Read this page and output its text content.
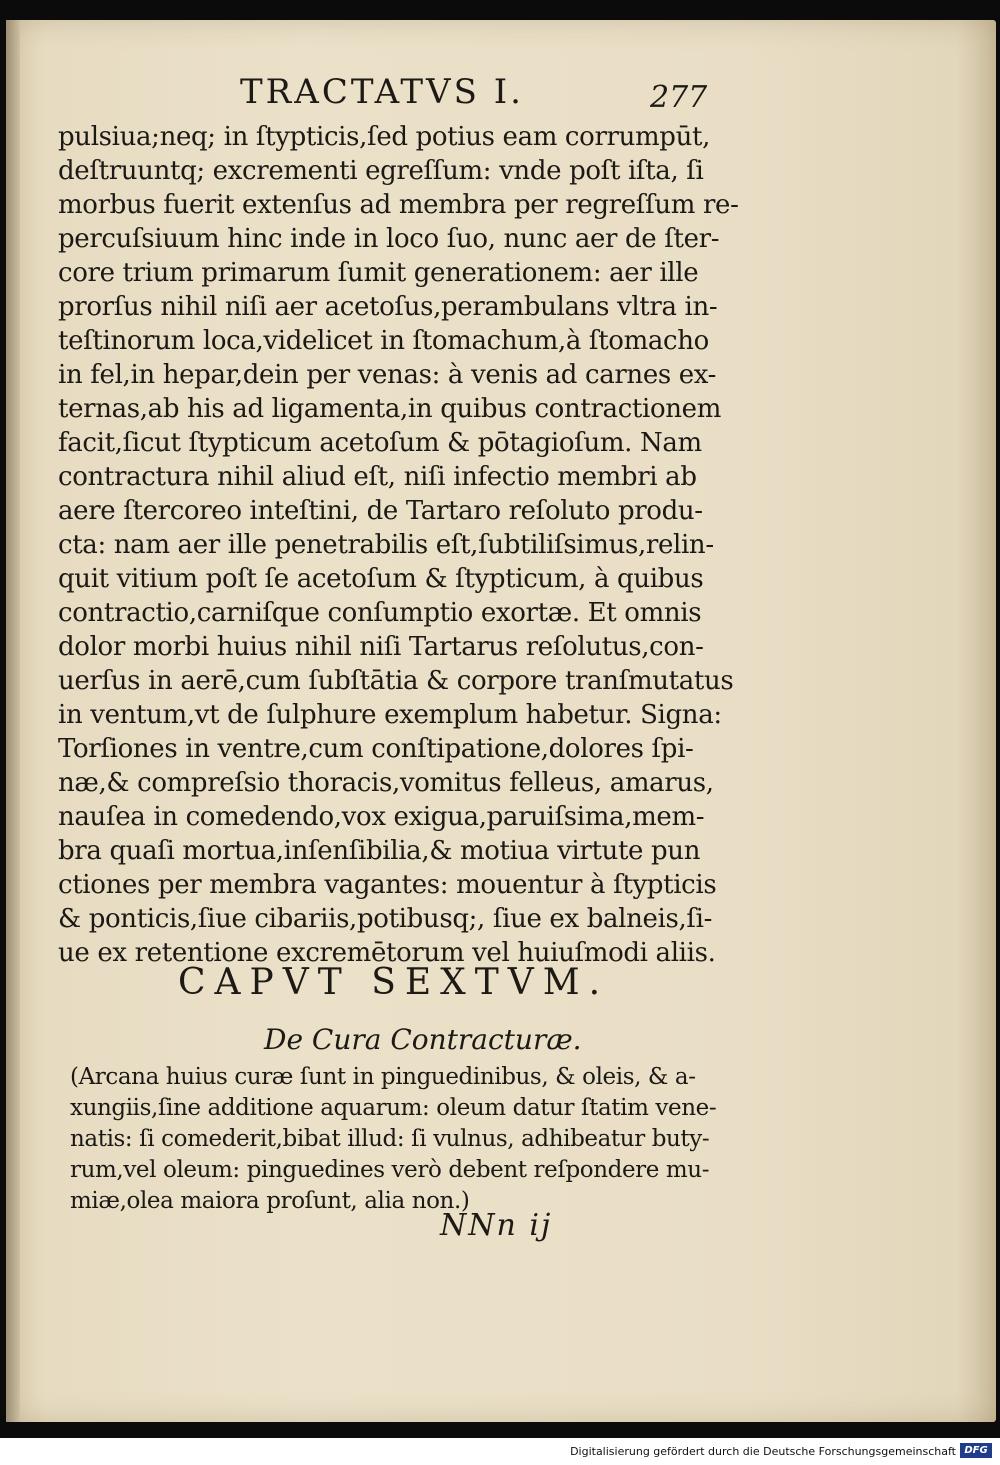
TRACTATVS I.	277
pulsiua;neq; in ſtypticis,ſed potius eam corrumpūt,
deſtruuntq; excrementi egreſſum: vnde poſt iſta, ſi
morbus fuerit extenſus ad membra per regreſſum re-
percuſsiuum hinc inde in loco ſuo, nunc aer de ſter-
core trium primarum ſumit generationem: aer ille
prorſus nihil niſi aer acetoſus,perambulans vltra in-
teſtinorum loca,videlicet in ſtomachum,à ſtomacho
in fel,in hepar,dein per venas: à venis ad carnes ex-
ternas,ab his ad ligamenta,in quibus contractionem
facit,ſicut ſtypticum acetoſum & pōtagioſum. Nam
contractura nihil aliud eſt, niſi infectio membri ab
aere ſtercoreo inteſtini, de Tartaro reſoluto produ-
cta: nam aer ille penetrabilis eſt,ſubtiliſsimus,relin-
quit vitium poſt ſe acetoſum & ſtypticum, à quibus
contractio,carniſque conſumptio exortæ. Et omnis
dolor morbi huius nihil niſi Tartarus reſolutus,con-
uerſus in aerē,cum ſubſtātia & corpore tranſmutatus
in ventum,vt de ſulphure exemplum habetur. Signa:
Torſiones in ventre,cum conſtipatione,dolores ſpi-
næ,& compreſsio thoracis,vomitus felleus, amarus,
nauſea in comedendo,vox exigua,paruiſsima,mem-
bra quaſi mortua,inſenſibilia,& motiua virtute pun
ctiones per membra vagantes: mouentur à ſtypticis
& ponticis,ſiue cibariis,potibusq;, ſiue ex balneis,ſi-
ue ex retentione excremētorum vel huiuſmodi aliis.
CAPVT SEXTVM.
De Cura Contracturæ.
(Arcana huius curæ ſunt in pinguedinibus, & oleis, & a-
xungiis,ſine additione aquarum: oleum datur ſtatim vene-
natis: ſi comederit,bibat illud: ſi vulnus, adhibeatur buty-
rum,vel oleum: pinguedines verò debent reſpondere mu-
miæ,olea maiora proſunt, alia non.)
NNn ij
Digitalisierung gefördert durch die Deutsche Forschungsgemeinschaft DFG
